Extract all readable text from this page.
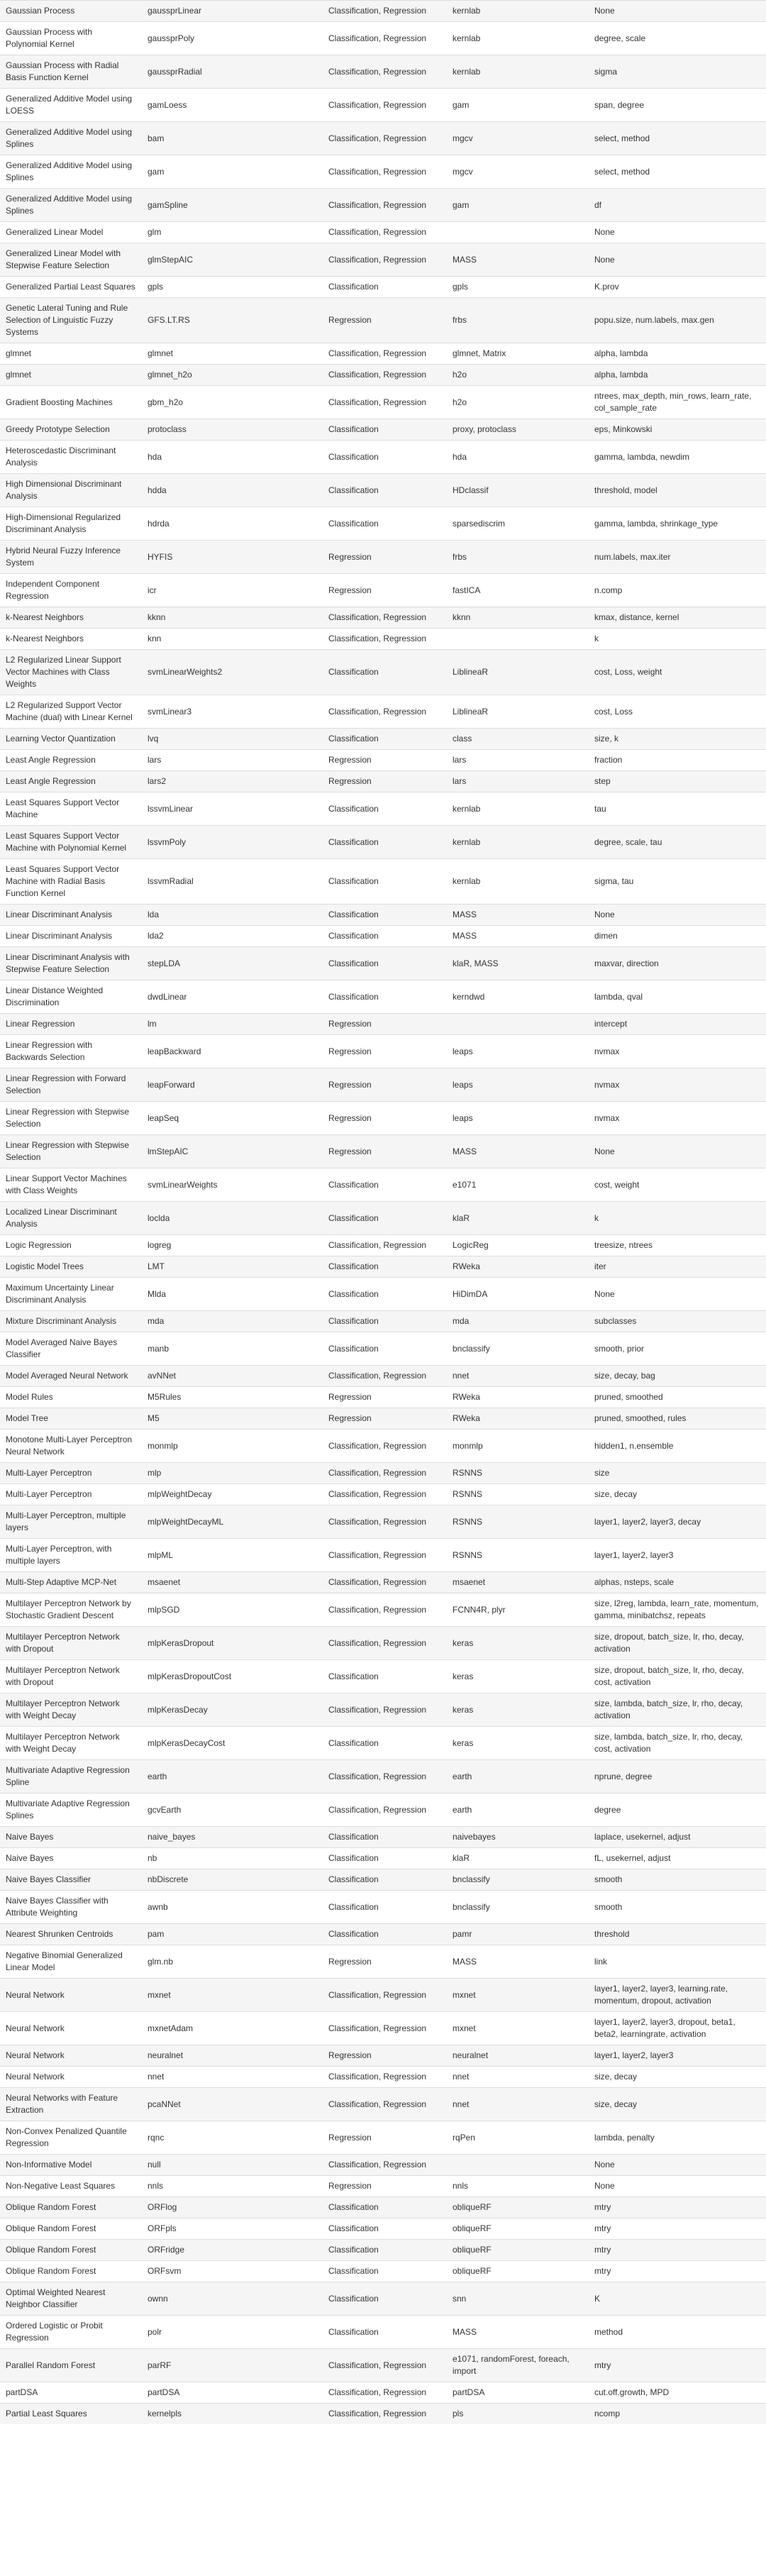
Gaussian Process	gaussprLinear	Classification, Regression	kernlab	None
Gaussian Process with Polynomial Kernel	gaussprPoly	Classification, Regression	kernlab	degree, scale
Gaussian Process with Radial Basis Function Kernel	gaussprRadial	Classification, Regression	kernlab	sigma
Generalized Additive Model using LOESS	gamLoess	Classification, Regression	gam	span, degree
Generalized Additive Model using Splines	bam	Classification, Regression	mgcv	select, method
Generalized Additive Model using Splines	gam	Classification, Regression	mgcv	select, method
Generalized Additive Model using Splines	gamSpline	Classification, Regression	gam	df
Generalized Linear Model	glm	Classification, Regression		None
Generalized Linear Model with Stepwise Feature Selection	glmStepAIC	Classification, Regression	MASS	None
Generalized Partial Least Squares	gpls	Classification	gpls	K.prov
Genetic Lateral Tuning and Rule Selection of Linguistic Fuzzy Systems	GFS.LT.RS	Regression	frbs	popu.size, num.labels, max.gen
glmnet	glmnet	Classification, Regression	glmnet, Matrix	alpha, lambda
glmnet	glmnet_h2o	Classification, Regression	h2o	alpha, lambda
Gradient Boosting Machines	gbm_h2o	Classification, Regression	h2o	ntrees, max_depth, min_rows, learn_rate, col_sample_rate
Greedy Prototype Selection	protoclass	Classification	proxy, protoclass	eps, Minkowski
Heteroscedastic Discriminant Analysis	hda	Classification	hda	gamma, lambda, newdim
High Dimensional Discriminant Analysis	hdda	Classification	HDclassif	threshold, model
High-Dimensional Regularized Discriminant Analysis	hdrda	Classification	sparsediscrim	gamma, lambda, shrinkage_type
Hybrid Neural Fuzzy Inference System	HYFIS	Regression	frbs	num.labels, max.iter
Independent Component Regression	icr	Regression	fastICA	n.comp
k-Nearest Neighbors	kknn	Classification, Regression	kknn	kmax, distance, kernel
k-Nearest Neighbors	knn	Classification, Regression		k
L2 Regularized Linear Support Vector Machines with Class Weights	svmLinearWeights2	Classification	LiblineaR	cost, Loss, weight
L2 Regularized Support Vector Machine (dual) with Linear Kernel	svmLinear3	Classification, Regression	LiblineaR	cost, Loss
Learning Vector Quantization	lvq	Classification	class	size, k
Least Angle Regression	lars	Regression	lars	fraction
Least Angle Regression	lars2	Regression	lars	step
Least Squares Support Vector Machine	lssvmLinear	Classification	kernlab	tau
Least Squares Support Vector Machine with Polynomial Kernel	lssvmPoly	Classification	kernlab	degree, scale, tau
Least Squares Support Vector Machine with Radial Basis Function Kernel	lssvmRadial	Classification	kernlab	sigma, tau
Linear Discriminant Analysis	lda	Classification	MASS	None
Linear Discriminant Analysis	lda2	Classification	MASS	dimen
Linear Discriminant Analysis with Stepwise Feature Selection	stepLDA	Classification	klaR, MASS	maxvar, direction
Linear Distance Weighted Discrimination	dwdLinear	Classification	kerndwd	lambda, qval
Linear Regression	lm	Regression		intercept
Linear Regression with Backwards Selection	leapBackward	Regression	leaps	nvmax
Linear Regression with Forward Selection	leapForward	Regression	leaps	nvmax
Linear Regression with Stepwise Selection	leapSeq	Regression	leaps	nvmax
Linear Regression with Stepwise Selection	lmStepAIC	Regression	MASS	None
Linear Support Vector Machines with Class Weights	svmLinearWeights	Classification	e1071	cost, weight
Localized Linear Discriminant Analysis	loclda	Classification	klaR	k
Logic Regression	logreg	Classification, Regression	LogicReg	treesize, ntrees
Logistic Model Trees	LMT	Classification	RWeka	iter
Maximum Uncertainty Linear Discriminant Analysis	Mlda	Classification	HiDimDA	None
Mixture Discriminant Analysis	mda	Classification	mda	subclasses
Model Averaged Naive Bayes Classifier	manb	Classification	bnclassify	smooth, prior
Model Averaged Neural Network	avNNet	Classification, Regression	nnet	size, decay, bag
Model Rules	M5Rules	Regression	RWeka	pruned, smoothed
Model Tree	M5	Regression	RWeka	pruned, smoothed, rules
Monotone Multi-Layer Perceptron Neural Network	monmlp	Classification, Regression	monmlp	hidden1, n.ensemble
Multi-Layer Perceptron	mlp	Classification, Regression	RSNNS	size
Multi-Layer Perceptron	mlpWeightDecay	Classification, Regression	RSNNS	size, decay
Multi-Layer Perceptron, multiple layers	mlpWeightDecayML	Classification, Regression	RSNNS	layer1, layer2, layer3, decay
Multi-Layer Perceptron, with multiple layers	mlpML	Classification, Regression	RSNNS	layer1, layer2, layer3
Multi-Step Adaptive MCP-Net	msaenet	Classification, Regression	msaenet	alphas, nsteps, scale
Multilayer Perceptron Network by Stochastic Gradient Descent	mlpSGD	Classification, Regression	FCNN4R, plyr	size, l2reg, lambda, learn_rate, momentum, gamma, minibatchsz, repeats
Multilayer Perceptron Network with Dropout	mlpKerasDropout	Classification, Regression	keras	size, dropout, batch_size, lr, rho, decay, activation
Multilayer Perceptron Network with Dropout	mlpKerasDropoutCost	Classification	keras	size, dropout, batch_size, lr, rho, decay, cost, activation
Multilayer Perceptron Network with Weight Decay	mlpKerasDecay	Classification, Regression	keras	size, lambda, batch_size, lr, rho, decay, activation
Multilayer Perceptron Network with Weight Decay	mlpKerasDecayCost	Classification	keras	size, lambda, batch_size, lr, rho, decay, cost, activation
Multivariate Adaptive Regression Spline	earth	Classification, Regression	earth	nprune, degree
Multivariate Adaptive Regression Splines	gcvEarth	Classification, Regression	earth	degree
Naive Bayes	naive_bayes	Classification	naivebayes	laplace, usekernel, adjust
Naive Bayes	nb	Classification	klaR	fL, usekernel, adjust
Naive Bayes Classifier	nbDiscrete	Classification	bnclassify	smooth
Naive Bayes Classifier with Attribute Weighting	awnb	Classification	bnclassify	smooth
Nearest Shrunken Centroids	pam	Classification	pamr	threshold
Negative Binomial Generalized Linear Model	glm.nb	Regression	MASS	link
Neural Network	mxnet	Classification, Regression	mxnet	layer1, layer2, layer3, learning.rate, momentum, dropout, activation
Neural Network	mxnetAdam	Classification, Regression	mxnet	layer1, layer2, layer3, dropout, beta1, beta2, learningrate, activation
Neural Network	neuralnet	Regression	neuralnet	layer1, layer2, layer3
Neural Network	nnet	Classification, Regression	nnet	size, decay
Neural Networks with Feature Extraction	pcaNNet	Classification, Regression	nnet	size, decay
Non-Convex Penalized Quantile Regression	rqnc	Regression	rqPen	lambda, penalty
Non-Informative Model	null	Classification, Regression		None
Non-Negative Least Squares	nnls	Regression	nnls	None
Oblique Random Forest	ORFlog	Classification	obliqueRF	mtry
Oblique Random Forest	ORFpls	Classification	obliqueRF	mtry
Oblique Random Forest	ORFridge	Classification	obliqueRF	mtry
Oblique Random Forest	ORFsvm	Classification	obliqueRF	mtry
Optimal Weighted Nearest Neighbor Classifier	ownn	Classification	snn	K
Ordered Logistic or Probit Regression	polr	Classification	MASS	method
Parallel Random Forest	parRF	Classification, Regression	e1071, randomForest, foreach, import	mtry
partDSA	partDSA	Classification, Regression	partDSA	cut.off.growth, MPD
Partial Least Squares	kernelpls	Classification, Regression	pls	ncomp
